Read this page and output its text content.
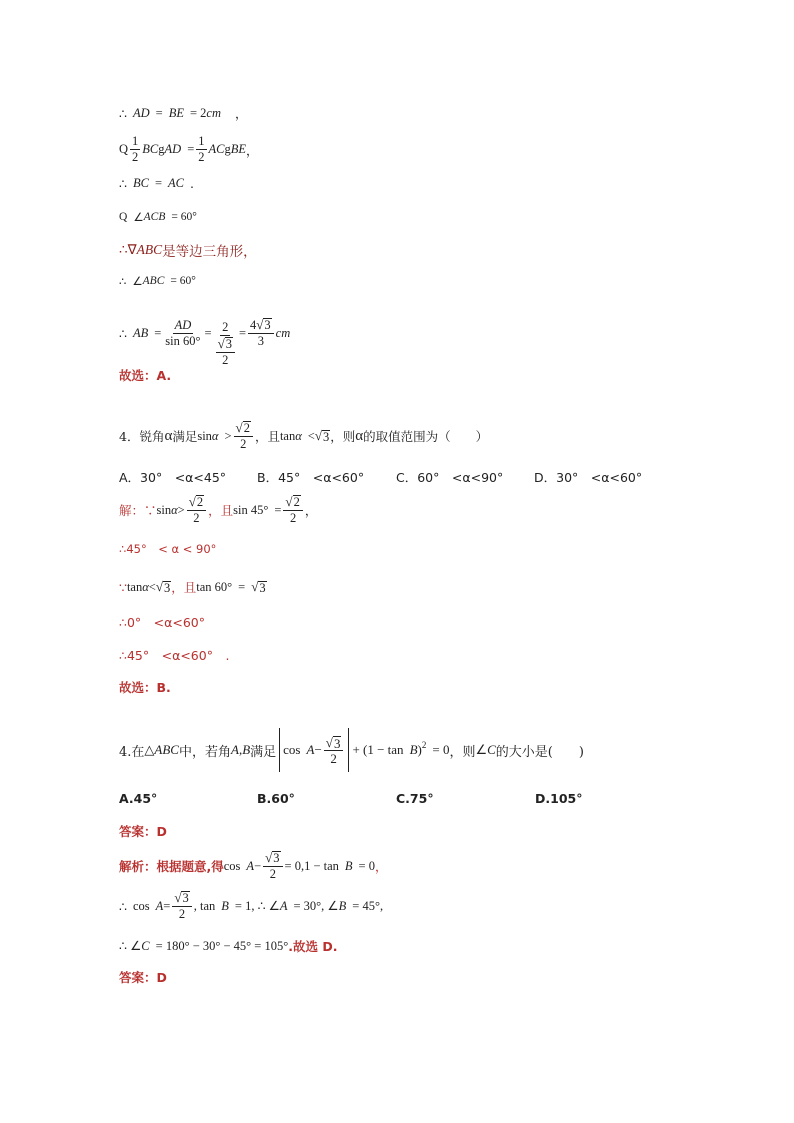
∴ AD = BE = 2 cm ，
Q $\frac{1}{2}$ BC g AD = $\frac{1}{2}$ AC g BE ，
∴ BC = AC .
Q ∠ ACB = 60°
∴ ∇ ABC 是等边三角形，
∴ ∠ ABC = 60°
∴ AB = $\frac{AD}{\sin 60^\circ} = \frac{2}{\frac{√ 3}{2}} = \frac{4 √ 3}{3}$ cm
故选：A.
4．锐角 α 满足 $\sin \alpha > \frac{√ 2}{2}$ ，且 tan α < √ 3 ，则 α 的取值范围为（　　）
A．30°　<α<45° B．45°　<α<60°	C．60°　<α<90° D．30°　<α<60°
解：∵ $\sin \alpha > \frac{√ 2}{2}$ ，且 $\sin 45^\circ = \frac{√ 2}{2}$ ，
∴45°　< α < 90°
∵ tan α < √ 3 ，且 tan 60° = √ 3
∴0°　<α<60°
∴45°　<α<60°　.
故选：B.
4.在 △ ABC 中，若角 A , B 满足 $\cos A - \frac{√ 3}{2} + (1 - \tan B$ )$^2$ = 0 ，则 ∠ C 的大小是(　　)
A.45°	B.60°	C.75°	D.105°
答案：D
解析：根据题意,得 $\cos A - \frac{√ 3}{2} = 0,1 - \tan B = 0$ ，
∴ $\cos A = \frac{√ 3}{2}$ , tan B = 1, ∴ ∠ A = 30°, ∠ B = 45°,
∴ ∠ C = 180° − 30° − 45° = 105° .故选 D.
答案：D
